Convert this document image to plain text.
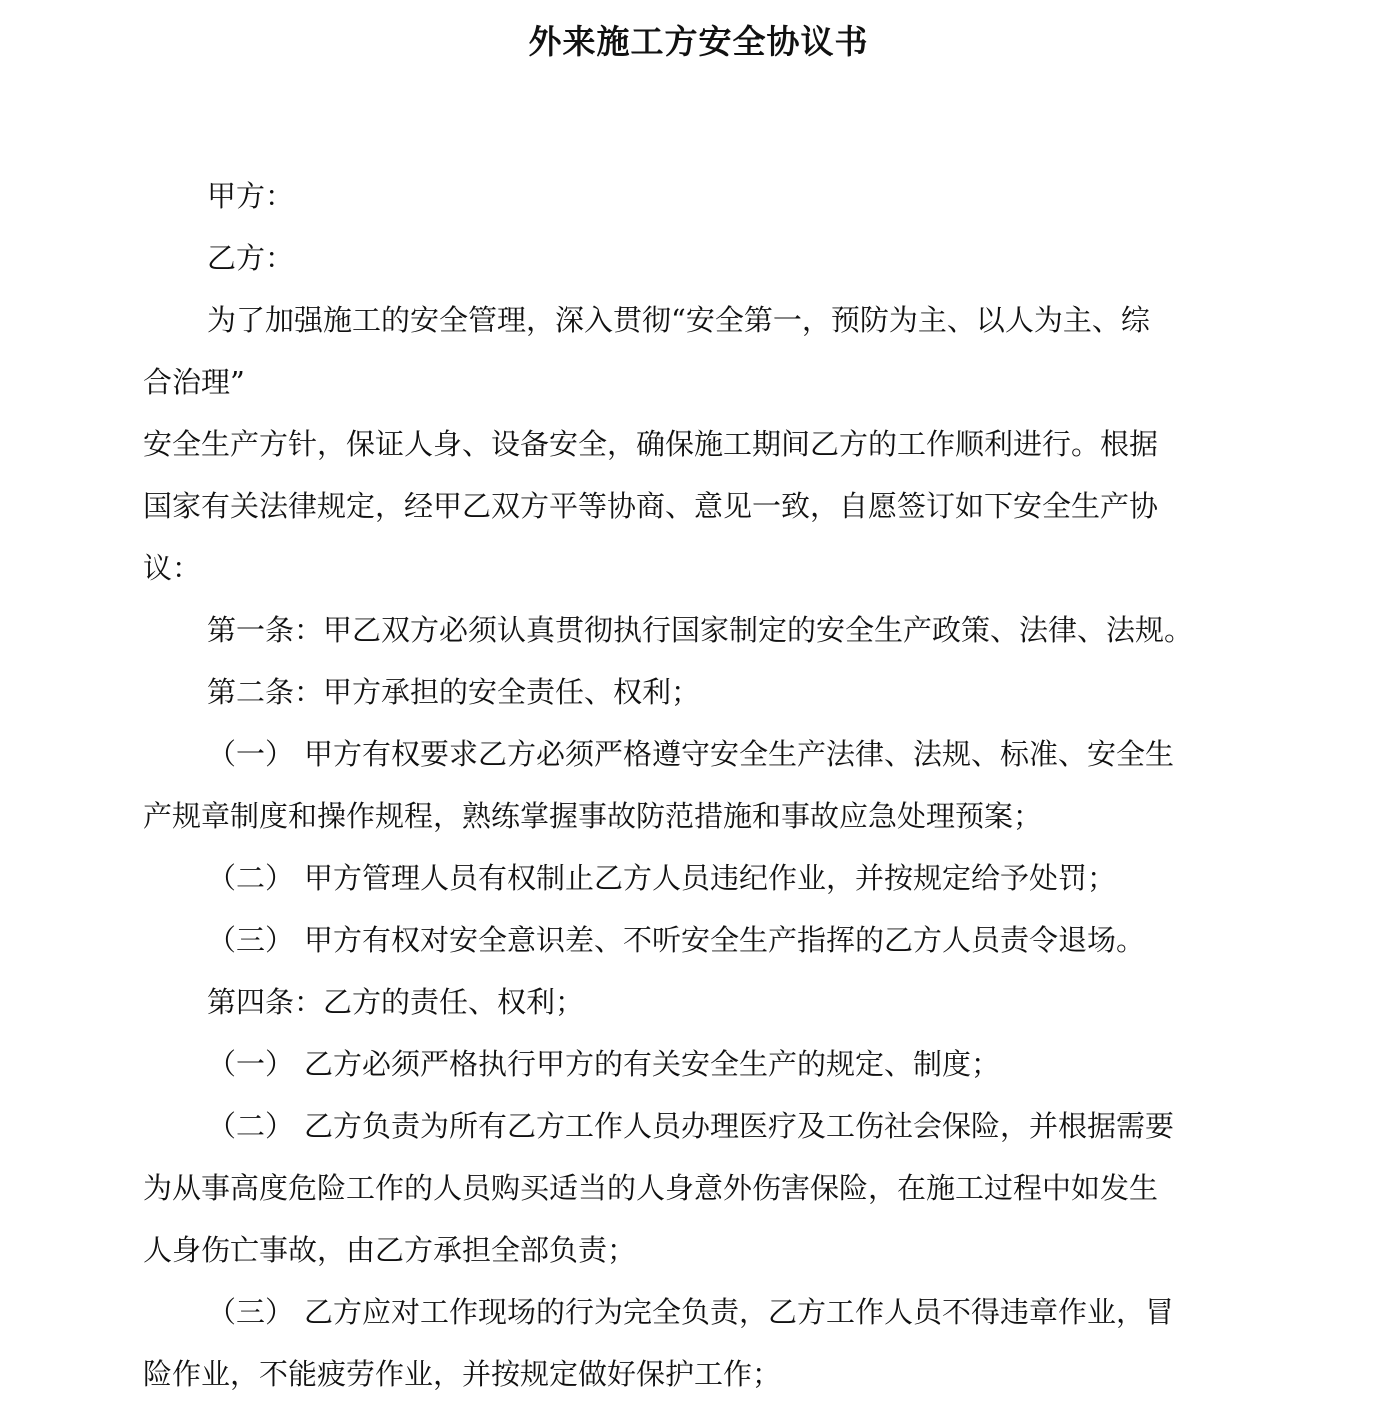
外来施工方安全协议书

甲方：

乙方：

为了加强施工的安全管理，深入贯彻“安全第一，预防为主、以人为主、综

合治理”

安全生产方针，保证人身、设备安全，确保施工期间乙方的工作顺利进行。根据

国家有关法律规定，经甲乙双方平等协商、意见一致，自愿签订如下安全生产协

议：

第一条：甲乙双方必须认真贯彻执行国家制定的安全生产政策、法律、法规。

第二条：甲方承担的安全责任、权利；

（一） 甲方有权要求乙方必须严格遵守安全生产法律、法规、标准、安全生

产规章制度和操作规程，熟练掌握事故防范措施和事故应急处理预案；

（二） 甲方管理人员有权制止乙方人员违纪作业，并按规定给予处罚；

（三） 甲方有权对安全意识差、不听安全生产指挥的乙方人员责令退场。

第四条：乙方的责任、权利；

（一） 乙方必须严格执行甲方的有关安全生产的规定、制度；

（二） 乙方负责为所有乙方工作人员办理医疗及工伤社会保险，并根据需要

为从事高度危险工作的人员购买适当的人身意外伤害保险，在施工过程中如发生

人身伤亡事故，由乙方承担全部负责；

（三） 乙方应对工作现场的行为完全负责，乙方工作人员不得违章作业，冒

险作业，不能疲劳作业，并按规定做好保护工作；
